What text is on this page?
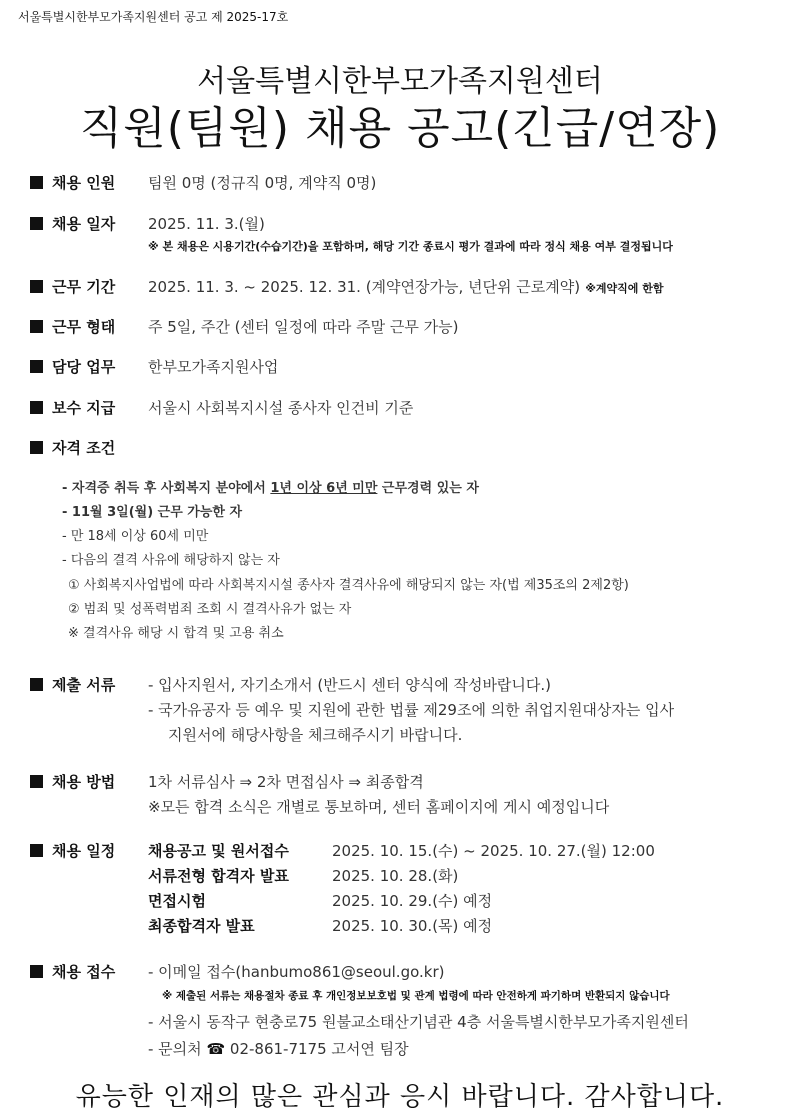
서울특별시한부모가족지원센터 공고 제 2025-17호
서울특별시한부모가족지원센터
직원(팀원) 채용 공고(긴급/연장)
채용 인원 팀원 0명 (정규직 0명, 계약직 0명)
채용 일자 2025. 11. 3.(월)
※ 본 채용은 시용기간(수습기간)을 포함하며, 해당 기간 종료시 평가 결과에 따라 정식 채용 여부 결정됩니다
근무 기간 2025. 11. 3. ~ 2025. 12. 31. (계약연장가능, 년단위 근로계약) ※계약직에 한함
근무 형태 주 5일, 주간 (센터 일정에 따라 주말 근무 가능)
담당 업무 한부모가족지원사업
보수 지급 서울시 사회복지시설 종사자 인건비 기준
자격 조건
- 자격증 취득 후 사회복지 분야에서 1년 이상 6년 미만 근무경력 있는 자
- 11월 3일(월) 근무 가능한 자
- 만 18세 이상 60세 미만
- 다음의 결격 사유에 해당하지 않는 자
① 사회복지사업법에 따라 사회복지시설 종사자 결격사유에 해당되지 않는 자(법 제35조의 2제2항)
② 범죄 및 성폭력범죄 조회 시 결격사유가 없는 자
※ 결격사유 해당 시 합격 및 고용 취소
제출 서류 - 입사지원서, 자기소개서 (반드시 센터 양식에 작성바랍니다.)
- 국가유공자 등 예우 및 지원에 관한 법률 제29조에 의한 취업지원대상자는 입사
지원서에 해당사항을 체크해주시기 바랍니다.
채용 방법 1차 서류심사 ⇒ 2차 면접심사 ⇒ 최종합격
※모든 합격 소식은 개별로 통보하며, 센터 홈페이지에 게시 예정입니다
채용 일정 채용공고 및 원서접수	2025. 10. 15.(수) ~ 2025. 10. 27.(월) 12:00
서류전형 합격자 발표	2025. 10. 28.(화)
면접시험	2025. 10. 29.(수) 예정
최종합격자 발표	2025. 10. 30.(목) 예정
채용 접수 - 이메일 접수(hanbumo861@seoul.go.kr)
※ 제출된 서류는 채용절차 종료 후 개인정보보호법 및 관계 법령에 따라 안전하게 파기하며 반환되지 않습니다
- 서울시 동작구 현충로75 원불교소태산기념관 4층 서울특별시한부모가족지원센터
- 문의처 ☎ 02-861-7175 고서연 팀장
유능한 인재의 많은 관심과 응시 바랍니다. 감사합니다.
